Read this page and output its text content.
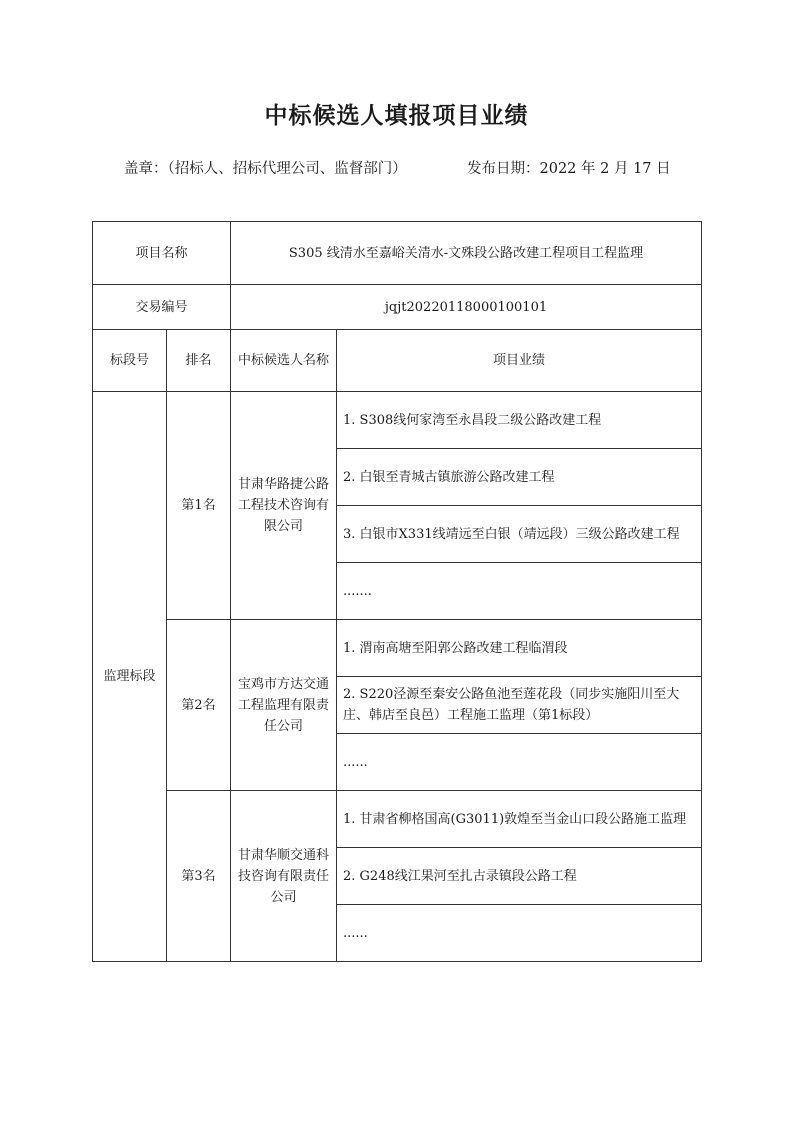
中标候选人填报项目业绩
盖章：（招标人、招标代理公司、监督部门）	发布日期：2022 年 2 月 17 日
项目名称		S305 线清水至嘉峪关清水-文殊段公路改建工程项目工程监理	
交易编号		jqjt20220118000100101	
标段号	排名	中标候选人名称	项目业绩
监理标段	第1名	甘肃华路捷公路工程技术咨询有限公司	1. S308线何家湾至永昌段二级公路改建工程
			2. 白银至青城古镇旅游公路改建工程
			3. 白银市X331线靖远至白银（靖远段）三级公路改建工程
			.......
	第2名	宝鸡市方达交通工程监理有限责任公司	1. 渭南高塘至阳郭公路改建工程临渭段
			2. S220泾源至秦安公路鱼池至莲花段（同步实施阳川至大庄、韩店至良邑）工程施工监理（第1标段）
			......
	第3名	甘肃华顺交通科技咨询有限责任公司	1. 甘肃省柳格国高(G3011)敦煌至当金山口段公路施工监理
			2. G248线江果河至扎古录镇段公路工程
			......
